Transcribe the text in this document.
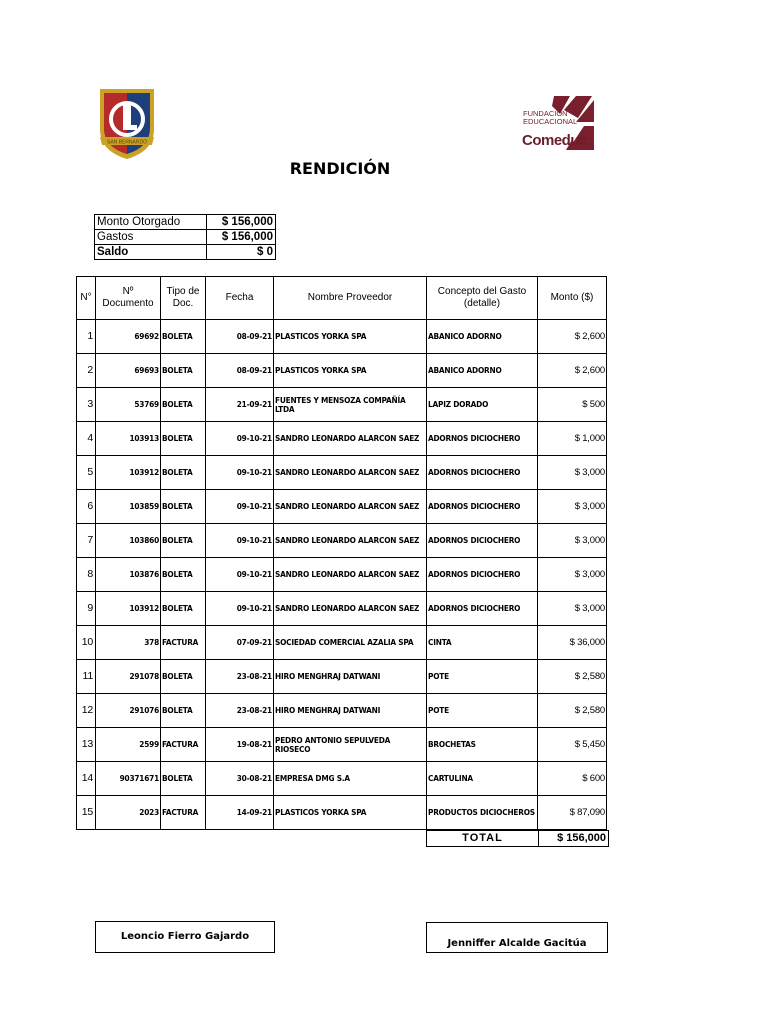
SAN BERNARDO
FUNDACIÓN
EDUCACIONAL
Comeduc
RENDICIÓN
Monto Otorgado	$ 156,000
Gastos	$ 156,000
Saldo	$ 0
N°	Nº Documento	Tipo de Doc.	Fecha	Nombre Proveedor	Concepto del Gasto (detalle)	Monto ($)
1	69692	BOLETA	08-09-21	PLASTICOS YORKA SPA	ABANICO ADORNO	$ 2,600
2	69693	BOLETA	08-09-21	PLASTICOS YORKA SPA	ABANICO ADORNO	$ 2,600
3	53769	BOLETA	21-09-21	FUENTES Y MENSOZA COMPAÑÍA LTDA	LAPIZ DORADO	$ 500
4	103913	BOLETA	09-10-21	SANDRO LEONARDO ALARCON SAEZ	ADORNOS DICIOCHERO	$ 1,000
5	103912	BOLETA	09-10-21	SANDRO LEONARDO ALARCON SAEZ	ADORNOS DICIOCHERO	$ 3,000
6	103859	BOLETA	09-10-21	SANDRO LEONARDO ALARCON SAEZ	ADORNOS DICIOCHERO	$ 3,000
7	103860	BOLETA	09-10-21	SANDRO LEONARDO ALARCON SAEZ	ADORNOS DICIOCHERO	$ 3,000
8	103876	BOLETA	09-10-21	SANDRO LEONARDO ALARCON SAEZ	ADORNOS DICIOCHERO	$ 3,000
9	103912	BOLETA	09-10-21	SANDRO LEONARDO ALARCON SAEZ	ADORNOS DICIOCHERO	$ 3,000
10	378	FACTURA	07-09-21	SOCIEDAD COMERCIAL AZALIA SPA	CINTA	$ 36,000
11	291078	BOLETA	23-08-21	HIRO MENGHRAJ DATWANI	POTE	$ 2,580
12	291076	BOLETA	23-08-21	HIRO MENGHRAJ DATWANI	POTE	$ 2,580
13	2599	FACTURA	19-08-21	PEDRO ANTONIO SEPULVEDA RIOSECO	BROCHETAS	$ 5,450
14	90371671	BOLETA	30-08-21	EMPRESA DMG S.A	CARTULINA	$ 600
15	2023	FACTURA	14-09-21	PLASTICOS YORKA SPA	PRODUCTOS DICIOCHEROS	$ 87,090
TOTAL	$ 156,000
Leoncio Fierro Gajardo
Jenniffer Alcalde Gacitúa
